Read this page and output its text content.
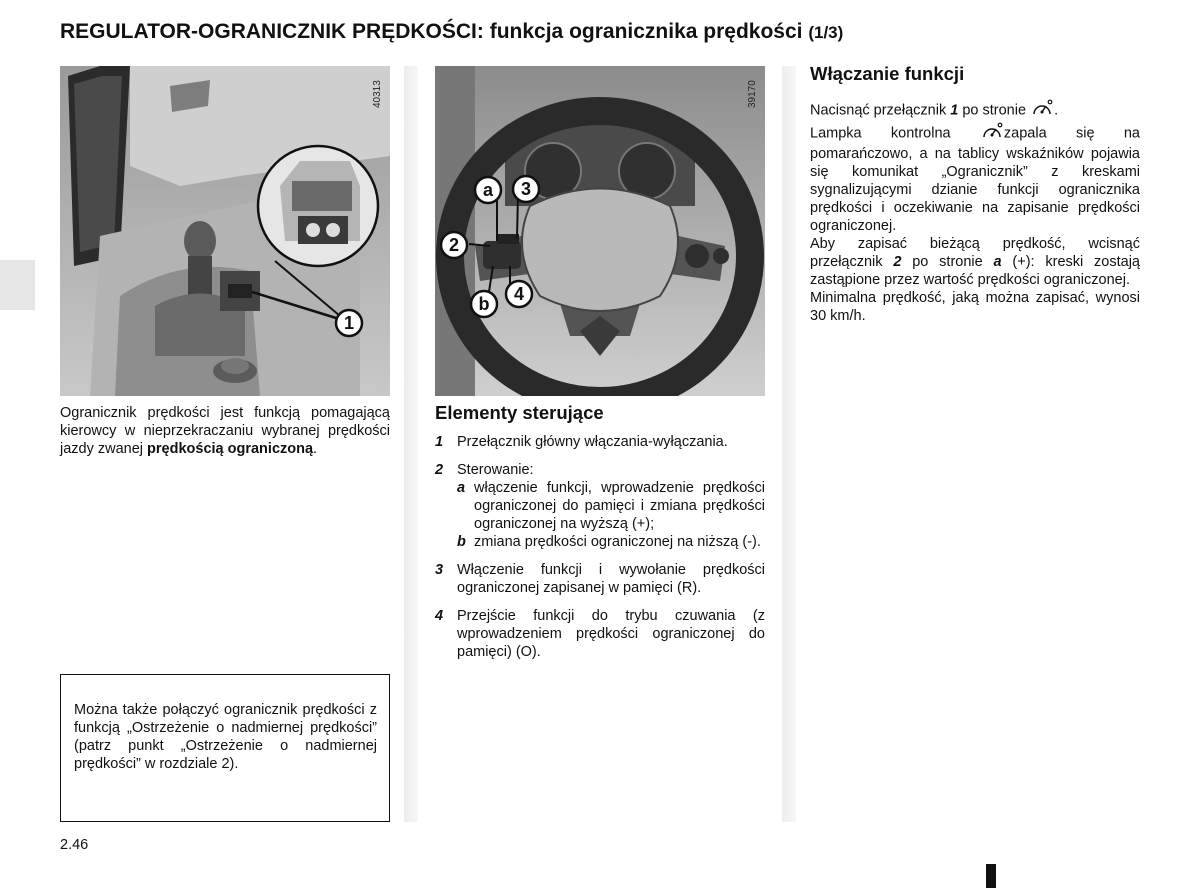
REGULATOR-OGRANICZNIK PRĘDKOŚCI: funkcja ogranicznika prędkości (1/3)
1
40313
a 3
2
b 4
39170
Ogranicznik prędkości jest funkcją pomagającą kierowcy w nieprzekraczaniu wybranej prędkości jazdy zwanej prędkością ograniczoną.
Można także połączyć ogranicznik prędkości z funkcją „Ostrzeżenie o nadmiernej prędkości” (patrz punkt „Ostrzeżenie o nadmiernej prędkości” w rozdziale 2).
Elementy sterujące
1 Przełącznik główny włączania-wyłączania.
2 Sterowanie:
a włączenie funkcji, wprowadzenie prędkości ograniczonej do pamięci i zmiana prędkości ograniczonej na wyższą (+);
b zmiana prędkości ograniczonej na niższą (-).
3 Włączenie funkcji i wywołanie prędkości ograniczonej zapisanej w pamięci (R).
4 Przejście funkcji do trybu czuwania (z wprowadzeniem prędkości ograniczonej do pamięci) (O).
Włączanie funkcji

Nacisnąć przełącznik 1 po stronie .

Lampka kontrolna zapala się na pomarańczowo, a na tablicy wskaźników pojawia się komunikat „Ogranicznik” z kreskami sygnalizującymi dzianie funkcji ogranicznika prędkości i oczekiwanie na zapisanie prędkości ograniczonej.

Aby zapisać bieżącą prędkość, wcisnąć przełącznik 2 po stronie a (+): kreski zostają zastąpione przez wartość prędkości ograniczonej.

Minimalna prędkość, jaką można zapisać, wynosi 30 km/h.

2.46
